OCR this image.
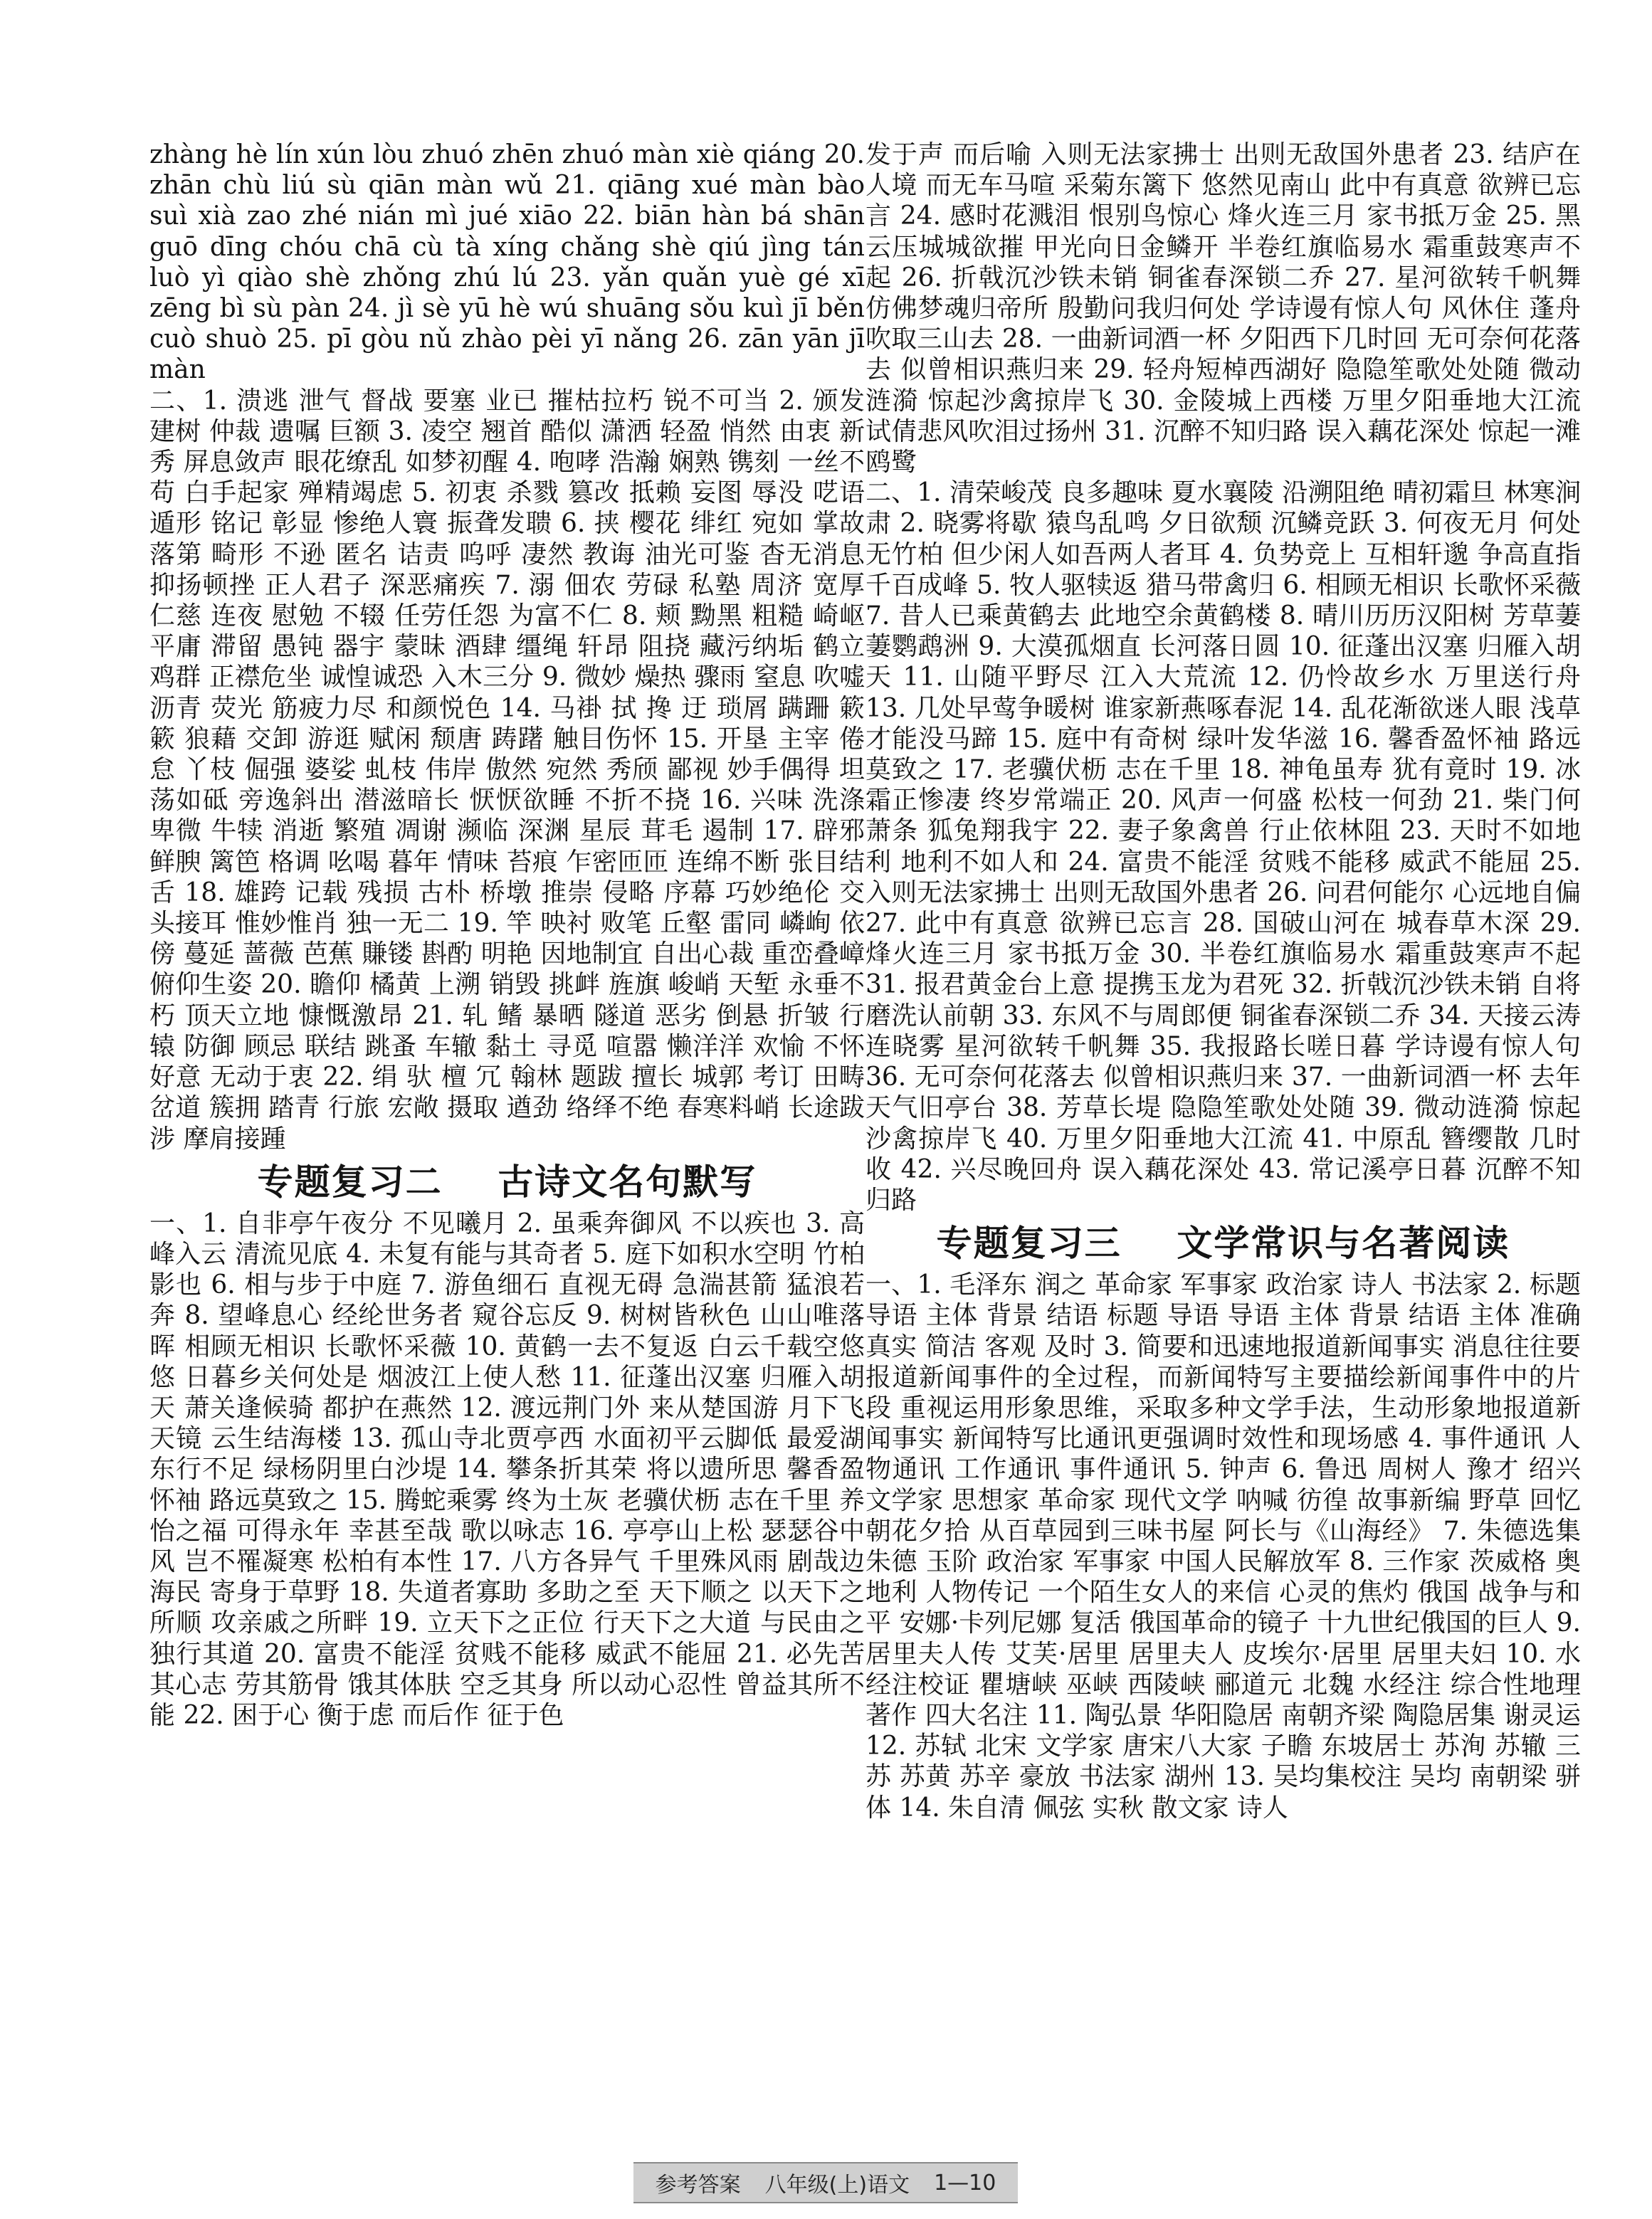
zhàng hè lín xún lòu zhuó zhēn zhuó màn xiè qiáng 20. zhān chù liú sù qiān màn wǔ 21. qiāng xué màn bào suì xià zao zhé nián mì jué xiāo 22. biān hàn bá shān guō dīng chóu chā cù tà xíng chǎng shè qiú jìng tán luò yì qiào shè zhǒng zhú lú 23. yǎn quǎn yuè gé xī zēng bì sù pàn 24. jì sè yū hè wú shuāng sǒu kuì jī běn cuò shuò 25. pī gòu nǔ zhào pèi yī nǎng 26. zān yān jī màn

二、1. 溃逃 泄气 督战 要塞 业已 摧枯拉朽 锐不可当 2. 颁发 建树 仲裁 遗嘱 巨额 3. 凌空 翘首 酷似 潇洒 轻盈 悄然 由衷 新秀 屏息敛声 眼花缭乱 如梦初醒 4. 咆哮 浩瀚 娴熟 镌刻 一丝不苟 白手起家 殚精竭虑 5. 初衷 杀戮 篡改 抵赖 妄图 辱没 呓语 遁形 铭记 彰显 惨绝人寰 振聋发聩 6. 挟 樱花 绯红 宛如 掌故 落第 畸形 不逊 匿名 诘责 呜呼 凄然 教诲 油光可鉴 杳无消息 抑扬顿挫 正人君子 深恶痛疾 7. 溺 佃农 劳碌 私塾 周济 宽厚 仁慈 连夜 慰勉 不辍 任劳任怨 为富不仁 8. 颊 黝黑 粗糙 崎岖 平庸 滞留 愚钝 器宇 蒙昧 酒肆 缰绳 轩昂 阻挠 藏污纳垢 鹤立鸡群 正襟危坐 诚惶诚恐 入木三分 9. 微妙 燥热 骤雨 窒息 吹嘘 沥青 荧光 筋疲力尽 和颜悦色 14. 马褂 拭 搀 迂 琐屑 蹒跚 簌簌 狼藉 交卸 游逛 赋闲 颓唐 踌躇 触目伤怀 15. 开垦 主宰 倦怠 丫枝 倔强 婆娑 虬枝 伟岸 傲然 宛然 秀颀 鄙视 妙手偶得 坦荡如砥 旁逸斜出 潜滋暗长 恹恹欲睡 不折不挠 16. 兴味 洗涤 卑微 牛犊 消逝 繁殖 凋谢 濒临 深渊 星辰 茸毛 遏制 17. 辟邪 鲜腴 篱笆 格调 吆喝 暮年 情味 苔痕 乍密匝匝 连绵不断 张目结舌 18. 雄跨 记载 残损 古朴 桥墩 推崇 侵略 序幕 巧妙绝伦 交头接耳 惟妙惟肖 独一无二 19. 竿 映衬 败笔 丘壑 雷同 嶙峋 依傍 蔓延 蔷薇 芭蕉 賺镂 斟酌 明艳 因地制宜 自出心裁 重峦叠嶂 俯仰生姿 20. 瞻仰 橘黄 上溯 销毁 挑衅 旌旗 峻峭 天堑 永垂不朽 顶天立地 慷慨激昂 21. 轧 鳍 暴晒 隧道 恶劣 倒悬 折皱 行辕 防御 顾忌 联结 跳蚤 车辙 黏土 寻觅 喧嚣 懒洋洋 欢愉 不怀好意 无动于衷 22. 绢 驮 檀 冗 翰林 题跋 擅长 城郭 考订 田畴 岔道 簇拥 踏青 行旅 宏敞 摄取 遒劲 络绎不绝 春寒料峭 长途跋涉 摩肩接踵

专题复习二 古诗文名句默写

一、1. 自非亭午夜分 不见曦月 2. 虽乘奔御风 不以疾也 3. 高峰入云 清流见底 4. 未复有能与其奇者 5. 庭下如积水空明 竹柏影也 6. 相与步于中庭 7. 游鱼细石 直视无碍 急湍甚箭 猛浪若奔 8. 望峰息心 经纶世务者 窥谷忘反 9. 树树皆秋色 山山唯落晖 相顾无相识 长歌怀采薇 10. 黄鹤一去不复返 白云千载空悠悠 日暮乡关何处是 烟波江上使人愁 11. 征蓬出汉塞 归雁入胡天 萧关逢候骑 都护在燕然 12. 渡远荆门外 来从楚国游 月下飞天镜 云生结海楼 13. 孤山寺北贾亭西 水面初平云脚低 最爱湖东行不足 绿杨阴里白沙堤 14. 攀条折其荣 将以遗所思 馨香盈怀袖 路远莫致之 15. 腾蛇乘雾 终为土灰 老骥伏枥 志在千里 养怡之福 可得永年 幸甚至哉 歌以咏志 16. 亭亭山上松 瑟瑟谷中风 岂不罹凝寒 松柏有本性 17. 八方各异气 千里殊风雨 剧哉边海民 寄身于草野 18. 失道者寡助 多助之至 天下顺之 以天下之所顺 攻亲戚之所畔 19. 立天下之正位 行天下之大道 与民由之 独行其道 20. 富贵不能淫 贫贱不能移 威武不能屈 21. 必先苦其心志 劳其筋骨 饿其体肤 空乏其身 所以动心忍性 曾益其所不能 22. 困于心 衡于虑 而后作 征于色

发于声 而后喻 入则无法家拂士 出则无敌国外患者 23. 结庐在人境 而无车马喧 采菊东篱下 悠然见南山 此中有真意 欲辨已忘言 24. 感时花溅泪 恨别鸟惊心 烽火连三月 家书抵万金 25. 黑云压城城欲摧 甲光向日金鳞开 半卷红旗临易水 霜重鼓寒声不起 26. 折戟沉沙铁未销 铜雀春深锁二乔 27. 星河欲转千帆舞 仿佛梦魂归帝所 殷勤问我归何处 学诗谩有惊人句 风休住 蓬舟吹取三山去 28. 一曲新词酒一杯 夕阳西下几时回 无可奈何花落去 似曾相识燕归来 29. 轻舟短棹西湖好 隐隐笙歌处处随 微动涟漪 惊起沙禽掠岸飞 30. 金陵城上西楼 万里夕阳垂地大江流 试倩悲风吹泪过扬州 31. 沉醉不知归路 误入藕花深处 惊起一滩鸥鹭

二、1. 清荣峻茂 良多趣味 夏水襄陵 沿溯阻绝 晴初霜旦 林寒涧肃 2. 晓雾将歇 猿鸟乱鸣 夕日欲颓 沉鳞竞跃 3. 何夜无月 何处无竹柏 但少闲人如吾两人者耳 4. 负势竞上 互相轩邈 争高直指 千百成峰 5. 牧人驱犊返 猎马带禽归 6. 相顾无相识 长歌怀采薇 7. 昔人已乘黄鹤去 此地空余黄鹤楼 8. 晴川历历汉阳树 芳草萋萋鹦鹉洲 9. 大漠孤烟直 长河落日圆 10. 征蓬出汉塞 归雁入胡天 11. 山随平野尽 江入大荒流 12. 仍怜故乡水 万里送行舟 13. 几处早莺争暖树 谁家新燕啄春泥 14. 乱花渐欲迷人眼 浅草才能没马蹄 15. 庭中有奇树 绿叶发华滋 16. 馨香盈怀袖 路远莫致之 17. 老骥伏枥 志在千里 18. 神龟虽寿 犹有竟时 19. 冰霜正惨凄 终岁常端正 20. 风声一何盛 松枝一何劲 21. 柴门何萧条 狐兔翔我宇 22. 妻子象禽兽 行止依林阻 23. 天时不如地利 地利不如人和 24. 富贵不能淫 贫贱不能移 威武不能屈 25. 入则无法家拂士 出则无敌国外患者 26. 问君何能尔 心远地自偏 27. 此中有真意 欲辨已忘言 28. 国破山河在 城春草木深 29. 烽火连三月 家书抵万金 30. 半卷红旗临易水 霜重鼓寒声不起 31. 报君黄金台上意 提携玉龙为君死 32. 折戟沉沙铁未销 自将磨洗认前朝 33. 东风不与周郎便 铜雀春深锁二乔 34. 天接云涛连晓雾 星河欲转千帆舞 35. 我报路长嗟日暮 学诗谩有惊人句 36. 无可奈何花落去 似曾相识燕归来 37. 一曲新词酒一杯 去年天气旧亭台 38. 芳草长堤 隐隐笙歌处处随 39. 微动涟漪 惊起沙禽掠岸飞 40. 万里夕阳垂地大江流 41. 中原乱 簪缨散 几时收 42. 兴尽晚回舟 误入藕花深处 43. 常记溪亭日暮 沉醉不知归路

专题复习三 文学常识与名著阅读

一、1. 毛泽东 润之 革命家 军事家 政治家 诗人 书法家 2. 标题 导语 主体 背景 结语 标题 导语 导语 主体 背景 结语 主体 准确 真实 简洁 客观 及时 3. 简要和迅速地报道新闻事实 消息往往要报道新闻事件的全过程，而新闻特写主要描绘新闻事件中的片段 重视运用形象思维，采取多种文学手法，生动形象地报道新闻事实 新闻特写比通讯更强调时效性和现场感 4. 事件通讯 人物通讯 工作通讯 事件通讯 5. 钟声 6. 鲁迅 周树人 豫才 绍兴 文学家 思想家 革命家 现代文学 呐喊 彷徨 故事新编 野草 回忆 朝花夕拾 从百草园到三味书屋 阿长与《山海经》 7. 朱德选集 朱德 玉阶 政治家 军事家 中国人民解放军 8. 三作家 茨威格 奥地利 人物传记 一个陌生女人的来信 心灵的焦灼 俄国 战争与和平 安娜·卡列尼娜 复活 俄国革命的镜子 十九世纪俄国的巨人 9. 居里夫人传 艾芙·居里 居里夫人 皮埃尔·居里 居里夫妇 10. 水经注校证 瞿塘峡 巫峡 西陵峡 郦道元 北魏 水经注 综合性地理著作 四大名注 11. 陶弘景 华阳隐居 南朝齐梁 陶隐居集 谢灵运 12. 苏轼 北宋 文学家 唐宋八大家 子瞻 东坡居士 苏洵 苏辙 三苏 苏黄 苏辛 豪放 书法家 湖州 13. 吴均集校注 吴均 南朝梁 骈体 14. 朱自清 佩弦 实秋 散文家 诗人

参考答案 八年级(上)语文 1—10
